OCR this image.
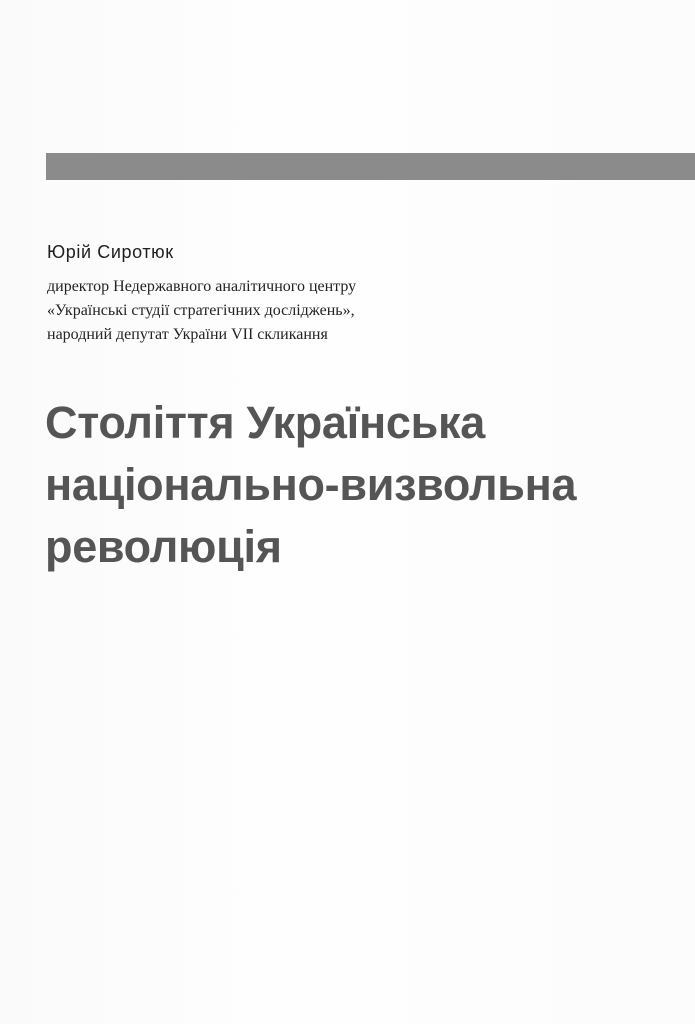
Юрій Сиротюк

директор Недержавного аналітичного центру

«Українські студії стратегічних досліджень»,

народний депутат України VII скликання

Століття Українська
національно-визвольна
революція
